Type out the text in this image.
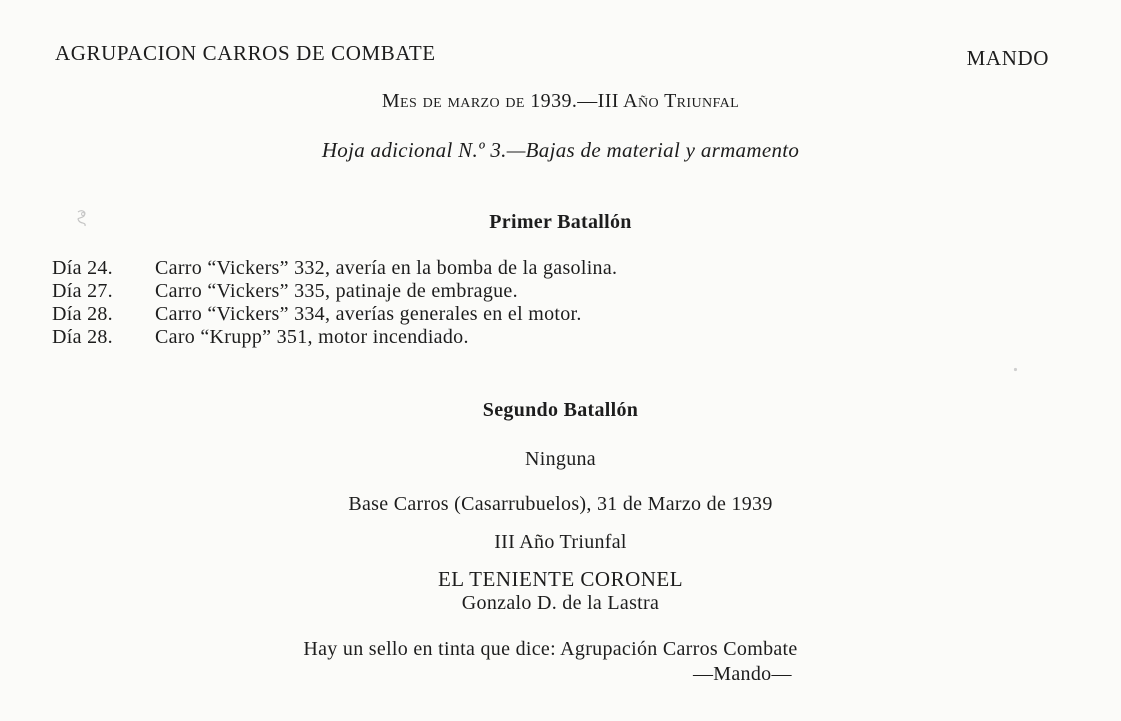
AGRUPACION CARROS DE COMBATE	MANDO
Mes de marzo de 1939.—III Año Triunfal
Hoja adicional N.º 3.—Bajas de material y armamento
Primer Batallón
Día 24.	Carro “Vickers” 332, avería en la bomba de la gasolina.
Día 27.	Carro “Vickers” 335, patinaje de embrague.
Día 28.	Carro “Vickers” 334, averías generales en el motor.
Día 28.	Caro “Krupp” 351, motor incendiado.
Segundo Batallón
Ninguna
Base Carros (Casarrubuelos), 31 de Marzo de 1939
III Año Triunfal
EL TENIENTE CORONEL
Gonzalo D. de la Lastra
Hay un sello en tinta que dice: Agrupación Carros Combate
—Mando—
